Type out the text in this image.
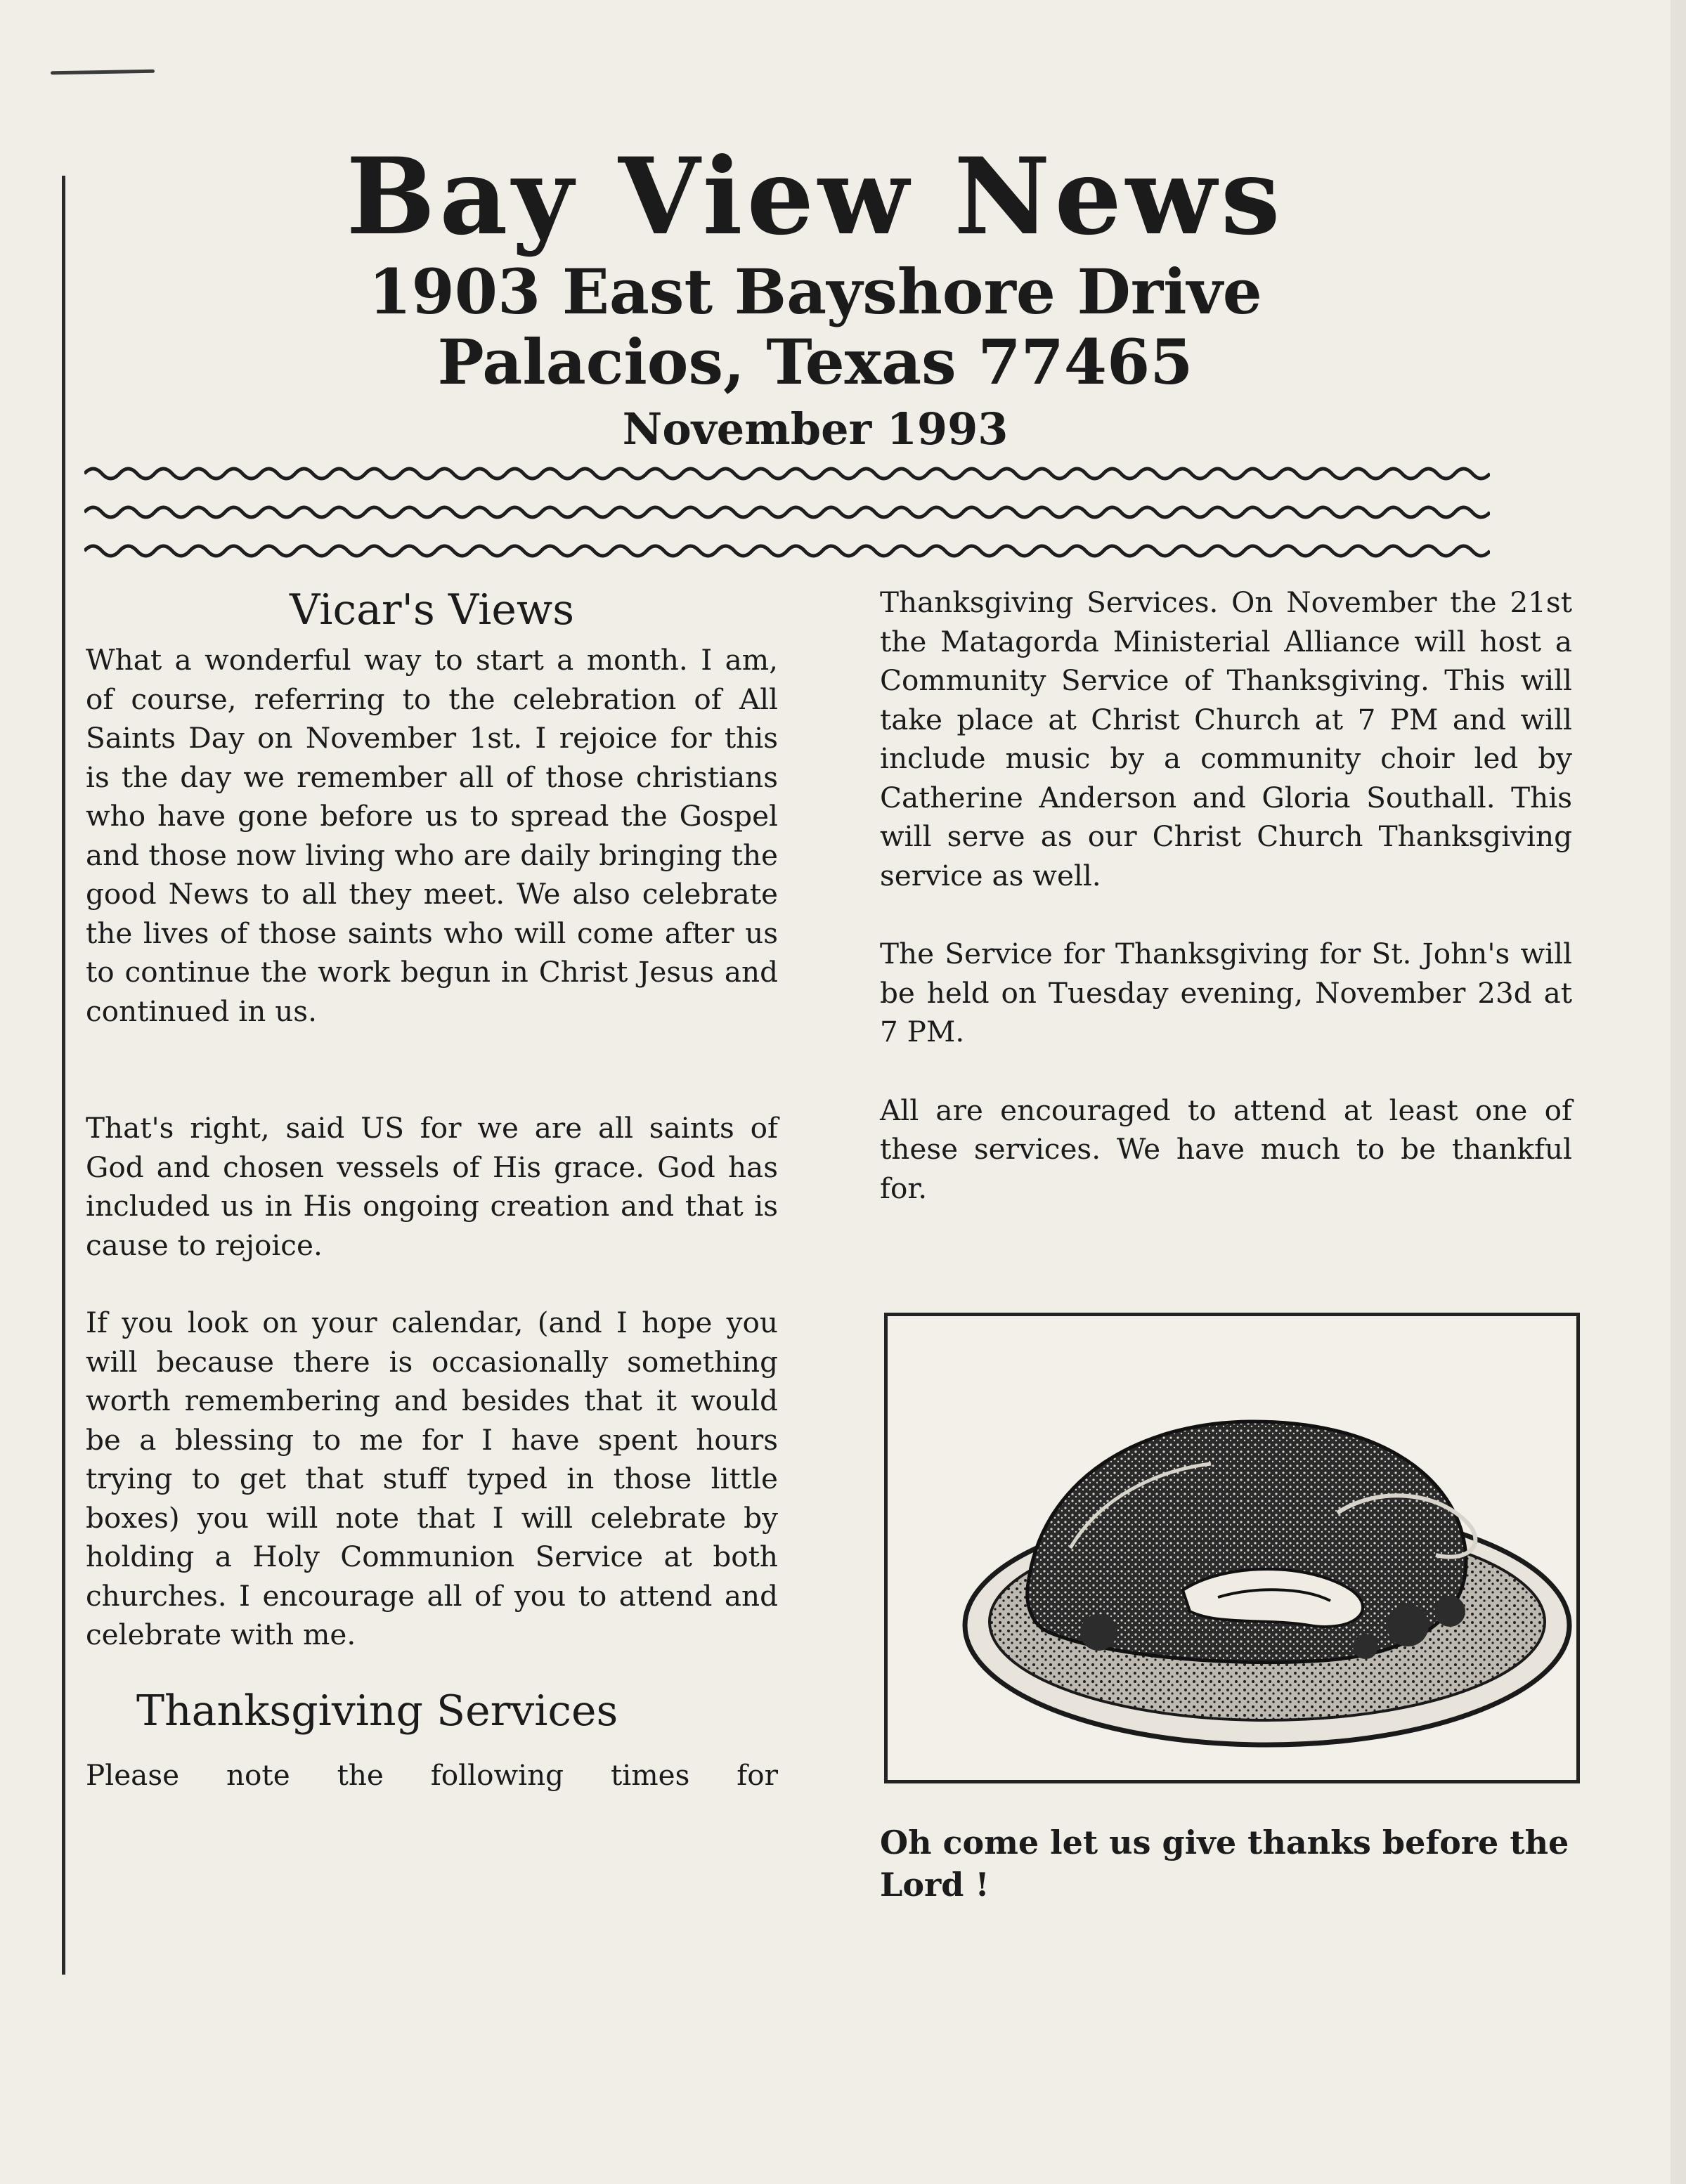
Bay View News
1903 East Bayshore Drive
Palacios, Texas 77465
November 1993
Vicar's Views

What a wonderful way to start a month. I am, of course, referring to the celebration of All Saints Day on November 1st. I rejoice for this is the day we remember all of those christians who have gone before us to spread the Gospel and those now living who are daily bringing the good News to all they meet. We also celebrate the lives of those saints who will come after us to continue the work begun in Christ Jesus and continued in us.

That's right, said US for we are all saints of God and chosen vessels of His grace. God has included us in His ongoing creation and that is cause to rejoice.

If you look on your calendar, (and I hope you will because there is occasionally something worth remembering and besides that it would be a blessing to me for I have spent hours trying to get that stuff typed in those little boxes) you will note that I will celebrate by holding a Holy Communion Service at both churches. I encourage all of you to attend and celebrate with me.

Thanksgiving Services

Please note the following times for

Thanksgiving Services. On November the 21st the Matagorda Ministerial Alliance will host a Community Service of Thanksgiving. This will take place at Christ Church at 7 PM and will include music by a community choir led by Catherine Anderson and Gloria Southall. This will serve as our Christ Church Thanksgiving service as well.

The Service for Thanksgiving for St. John's will be held on Tuesday evening, November 23d at 7 PM.

All are encouraged to attend at least one of these services. We have much to be thankful for.

Oh come let us give thanks before the Lord !
